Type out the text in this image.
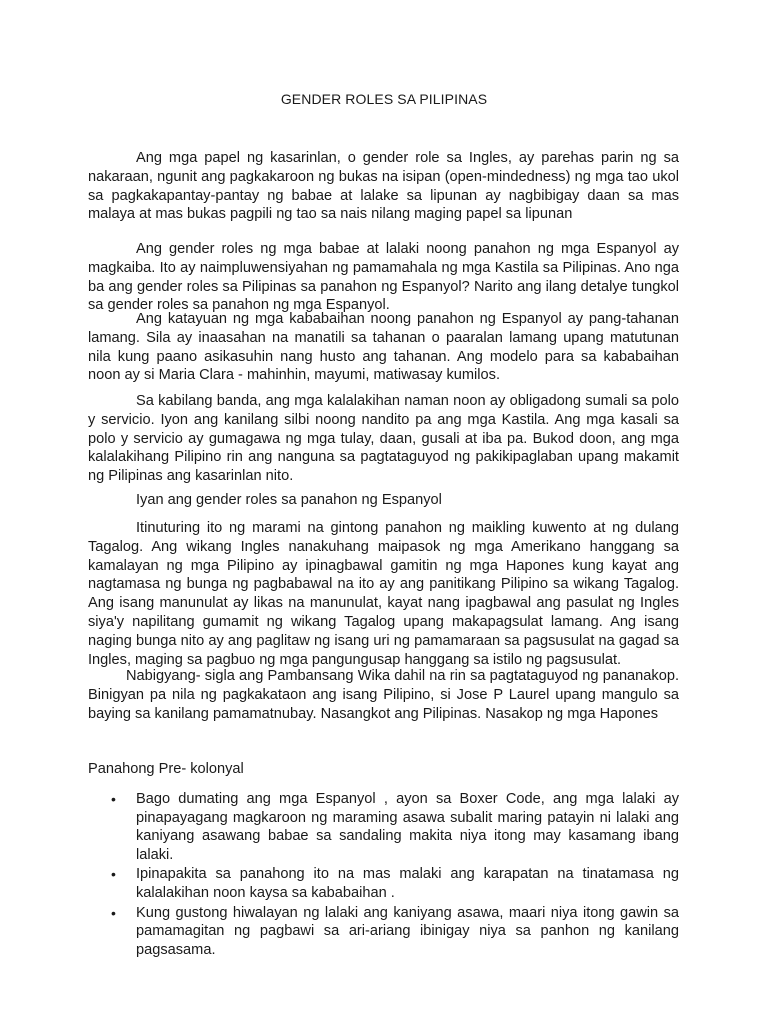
GENDER ROLES SA PILIPINAS

Ang mga papel ng kasarinlan, o gender role sa Ingles, ay parehas parin ng sa nakaraan, ngunit ang pagkakaroon ng bukas na isipan (open-mindedness) ng mga tao ukol sa pagkakapantay-pantay ng babae at lalake sa lipunan ay nagbibigay daan sa mas malaya at mas bukas pagpili ng tao sa nais nilang maging papel sa lipunan

Ang gender roles ng mga babae at lalaki noong panahon ng mga Espanyol ay magkaiba. Ito ay naimpluwensiyahan ng pamamahala ng mga Kastila sa Pilipinas. Ano nga ba ang gender roles sa Pilipinas sa panahon ng Espanyol? Narito ang ilang detalye tungkol sa gender roles sa panahon ng mga Espanyol.

Ang katayuan ng mga kababaihan noong panahon ng Espanyol ay pang-tahanan lamang. Sila ay inaasahan na manatili sa tahanan o paaralan lamang upang matutunan nila kung paano asikasuhin nang husto ang tahanan. Ang modelo para sa kababaihan noon ay si Maria Clara - mahinhin, mayumi, matiwasay kumilos.

Sa kabilang banda, ang mga kalalakihan naman noon ay obligadong sumali sa polo y servicio. Iyon ang kanilang silbi noong nandito pa ang mga Kastila. Ang mga kasali sa polo y servicio ay gumagawa ng mga tulay, daan, gusali at iba pa. Bukod doon, ang mga kalalakihang Pilipino rin ang nanguna sa pagtataguyod ng pakikipaglaban upang makamit ng Pilipinas ang kasarinlan nito.

Iyan ang gender roles sa panahon ng Espanyol

Itinuturing ito ng marami na gintong panahon ng maikling kuwento at ng dulang Tagalog. Ang wikang Ingles nanakuhang maipasok ng mga Amerikano hanggang sa kamalayan ng mga Pilipino ay ipinagbawal gamitin ng mga Hapones kung kayat ang nagtamasa ng bunga ng pagbabawal na ito ay ang panitikang Pilipino sa wikang Tagalog. Ang isang manunulat ay likas na manunulat, kayat nang ipagbawal ang pasulat ng Ingles siya'y napilitang gumamit ng wikang Tagalog upang makapagsulat lamang. Ang isang naging bunga nito ay ang paglitaw ng isang uri ng pamamaraan sa pagsusulat na gagad sa Ingles, maging sa pagbuo ng mga pangungusap hanggang sa istilo ng pagsusulat.

Nabigyang- sigla ang Pambansang Wika dahil na rin sa pagtataguyod ng pananakop. Binigyan pa nila ng pagkakataon ang isang Pilipino, si Jose P Laurel upang mangulo sa baying sa kanilang pamamatnubay. Nasangkot ang Pilipinas. Nasakop ng mga Hapones

Panahong Pre- kolonyal
• Bago dumating ang mga Espanyol , ayon sa Boxer Code, ang mga lalaki ay pinapayagang magkaroon ng maraming asawa subalit maring patayin ni lalaki ang kaniyang asawang babae sa sandaling makita niya itong may kasamang ibang lalaki.
• Ipinapakita sa panahong ito na mas malaki ang karapatan na tinatamasa ng kalalakihan noon kaysa sa kababaihan .
• Kung gustong hiwalayan ng lalaki ang kaniyang asawa, maari niya itong gawin sa pamamagitan ng pagbawi sa ari-ariang ibinigay niya sa panhon ng kanilang pagsasama.
